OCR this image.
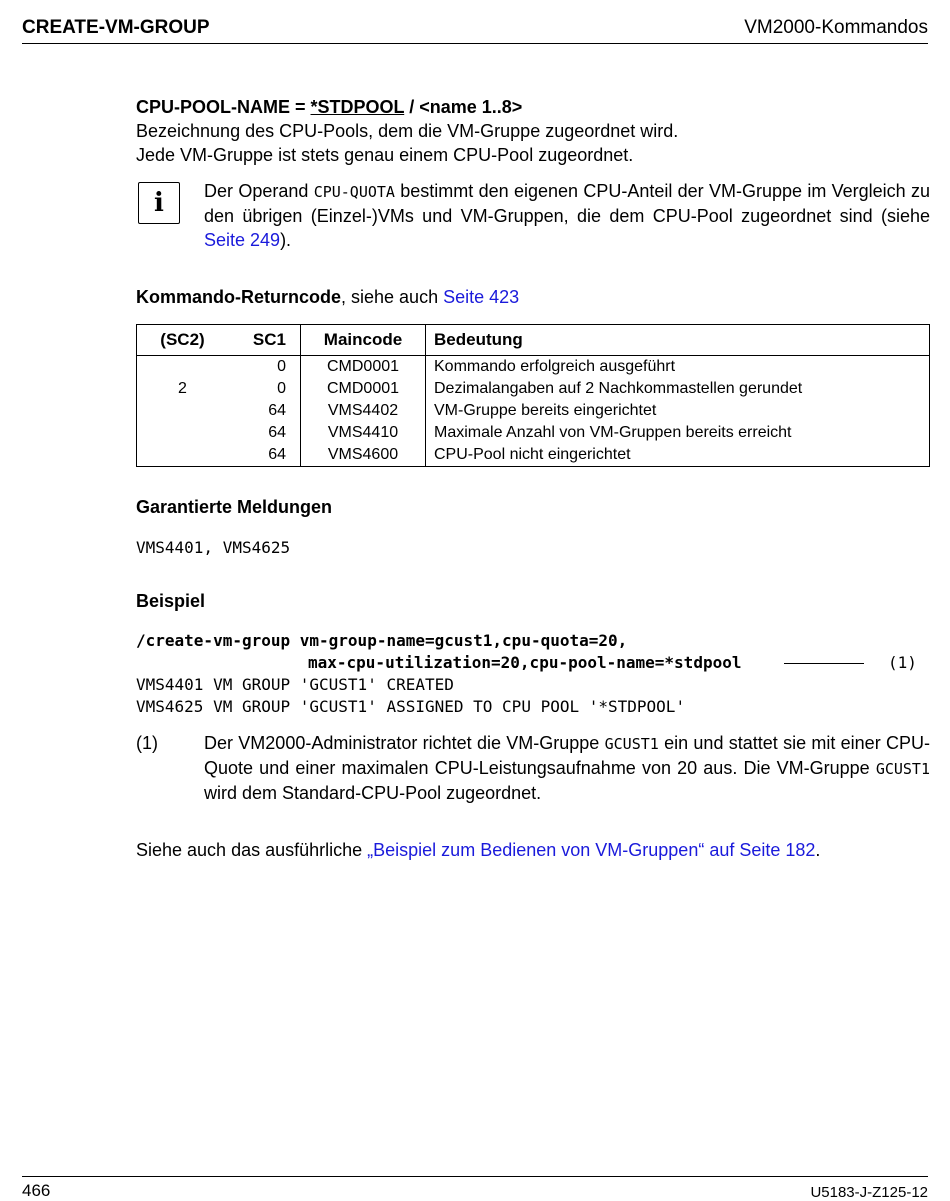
CREATE-VM-GROUP	VM2000-Kommandos
CPU-POOL-NAME = *STDPOOL / <name 1..8>
Bezeichnung des CPU-Pools, dem die VM-Gruppe zugeordnet wird.
Jede VM-Gruppe ist stets genau einem CPU-Pool zugeordnet.
i	Der Operand CPU-QUOTA bestimmt den eigenen CPU-Anteil der VM-Gruppe im Vergleich zu den übrigen (Einzel-)VMs und VM-Gruppen, die dem CPU-Pool zugeordnet sind (siehe Seite 249).
Kommando-Returncode, siehe auch Seite 423
(SC2)	SC1	Maincode	Bedeutung
	0	CMD0001	Kommando erfolgreich ausgeführt
2	0	CMD0001	Dezimalangaben auf 2 Nachkommastellen gerundet
	64	VMS4402	VM-Gruppe bereits eingerichtet
	64	VMS4410	Maximale Anzahl von VM-Gruppen bereits erreicht
	64	VMS4600	CPU-Pool nicht eingerichtet
Garantierte Meldungen
VMS4401, VMS4625
Beispiel
/create-vm-group vm-group-name=gcust1,cpu-quota=20,
max-cpu-utilization=20,cpu-pool-name=*stdpool	(1)
VMS4401 VM GROUP 'GCUST1' CREATED
VMS4625 VM GROUP 'GCUST1' ASSIGNED TO CPU POOL '*STDPOOL'
(1)	Der VM2000-Administrator richtet die VM-Gruppe GCUST1 ein und stattet sie mit einer CPU-Quote und einer maximalen CPU-Leistungsaufnahme von 20 aus. Die VM-Gruppe GCUST1 wird dem Standard-CPU-Pool zugeordnet.
Siehe auch das ausführliche „Beispiel zum Bedienen von VM-Gruppen“ auf Seite 182.
466	U5183-J-Z125-12
